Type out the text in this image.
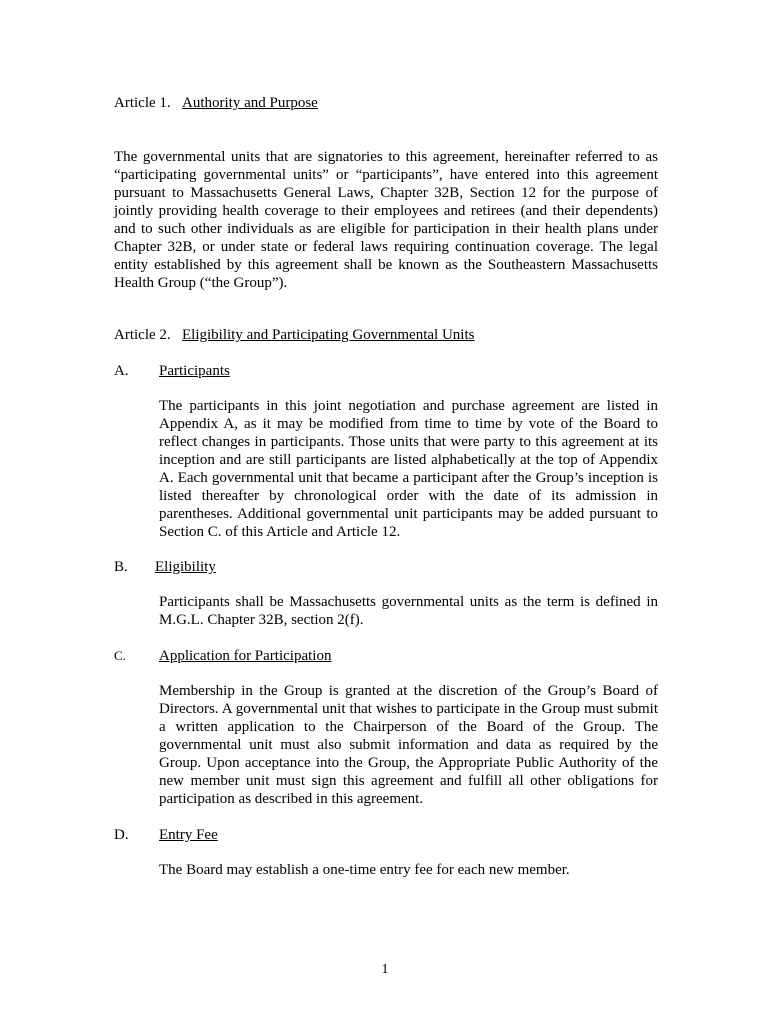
Article 1. Authority and Purpose
The governmental units that are signatories to this agreement, hereinafter referred to as “participating governmental units” or “participants”, have entered into this agreement pursuant to Massachusetts General Laws, Chapter 32B, Section 12 for the purpose of jointly providing health coverage to their employees and retirees (and their dependents) and to such other individuals as are eligible for participation in their health plans under Chapter 32B, or under state or federal laws requiring continuation coverage. The legal entity established by this agreement shall be known as the Southeastern Massachusetts Health Group (“the Group”).
Article 2. Eligibility and Participating Governmental Units
A. Participants
The participants in this joint negotiation and purchase agreement are listed in Appendix A, as it may be modified from time to time by vote of the Board to reflect changes in participants. Those units that were party to this agreement at its inception and are still participants are listed alphabetically at the top of Appendix A. Each governmental unit that became a participant after the Group’s inception is listed thereafter by chronological order with the date of its admission in parentheses. Additional governmental unit participants may be added pursuant to Section C. of this Article and Article 12.
B. Eligibility
Participants shall be Massachusetts governmental units as the term is defined in M.G.L. Chapter 32B, section 2(f).
C. Application for Participation
Membership in the Group is granted at the discretion of the Group’s Board of Directors. A governmental unit that wishes to participate in the Group must submit a written application to the Chairperson of the Board of the Group. The governmental unit must also submit information and data as required by the Group. Upon acceptance into the Group, the Appropriate Public Authority of the new member unit must sign this agreement and fulfill all other obligations for participation as described in this agreement.
D. Entry Fee
The Board may establish a one-time entry fee for each new member.
1
